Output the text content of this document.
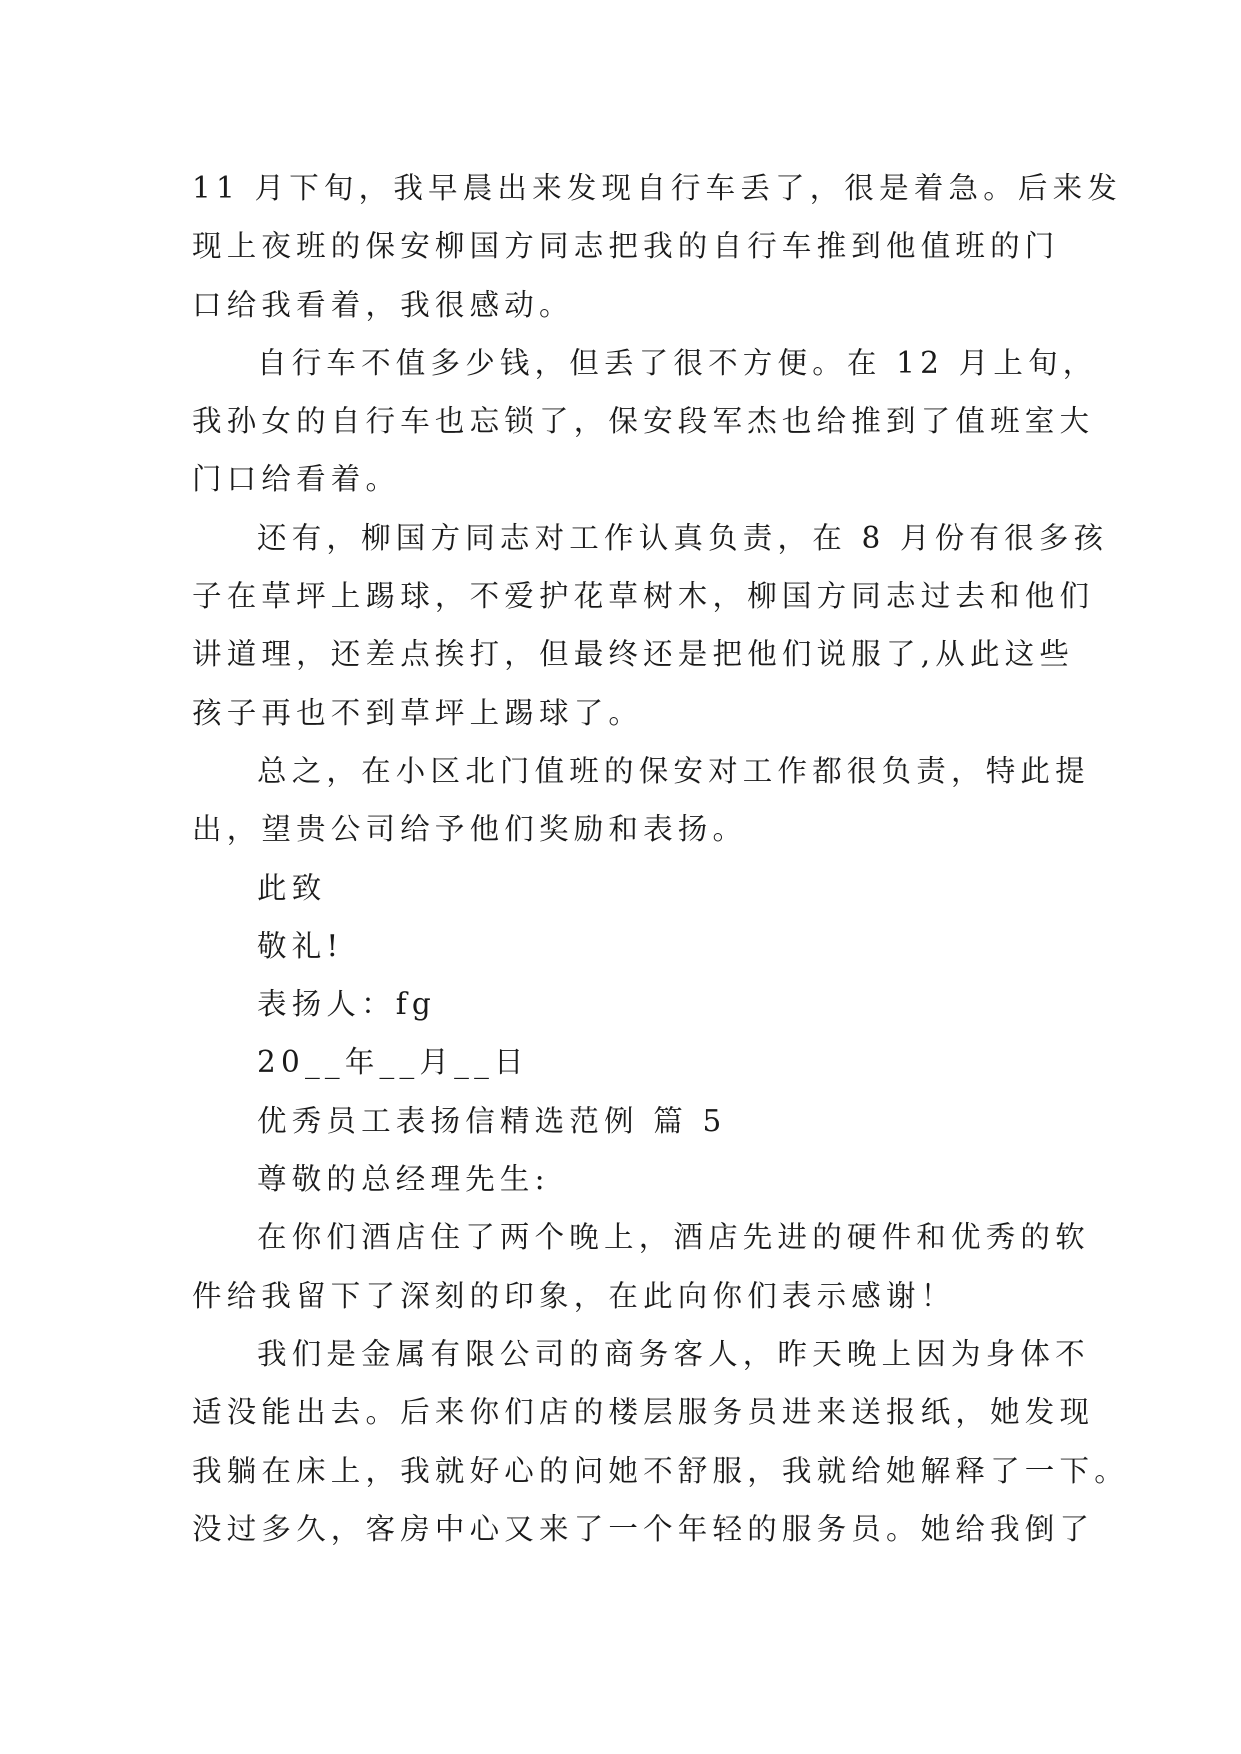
11 月下旬，我早晨出来发现自行车丢了，很是着急。后来发
现上夜班的保安柳国方同志把我的自行车推到他值班的门
口给我看着，我很感动。
自行车不值多少钱，但丢了很不方便。在 12 月上旬，
我孙女的自行车也忘锁了，保安段军杰也给推到了值班室大
门口给看着。
还有，柳国方同志对工作认真负责，在 8 月份有很多孩
子在草坪上踢球，不爱护花草树木，柳国方同志过去和他们
讲道理，还差点挨打，但最终还是把他们说服了,从此这些
孩子再也不到草坪上踢球了。
总之，在小区北门值班的保安对工作都很负责，特此提
出，望贵公司给予他们奖励和表扬。
此致
敬礼!
表扬人：fg
20__年__月__日
优秀员工表扬信精选范例 篇 5
尊敬的总经理先生:
在你们酒店住了两个晚上，酒店先进的硬件和优秀的软
件给我留下了深刻的印象，在此向你们表示感谢！
我们是金属有限公司的商务客人，昨天晚上因为身体不
适没能出去。后来你们店的楼层服务员进来送报纸，她发现
我躺在床上，我就好心的问她不舒服，我就给她解释了一下。
没过多久，客房中心又来了一个年轻的服务员。她给我倒了
